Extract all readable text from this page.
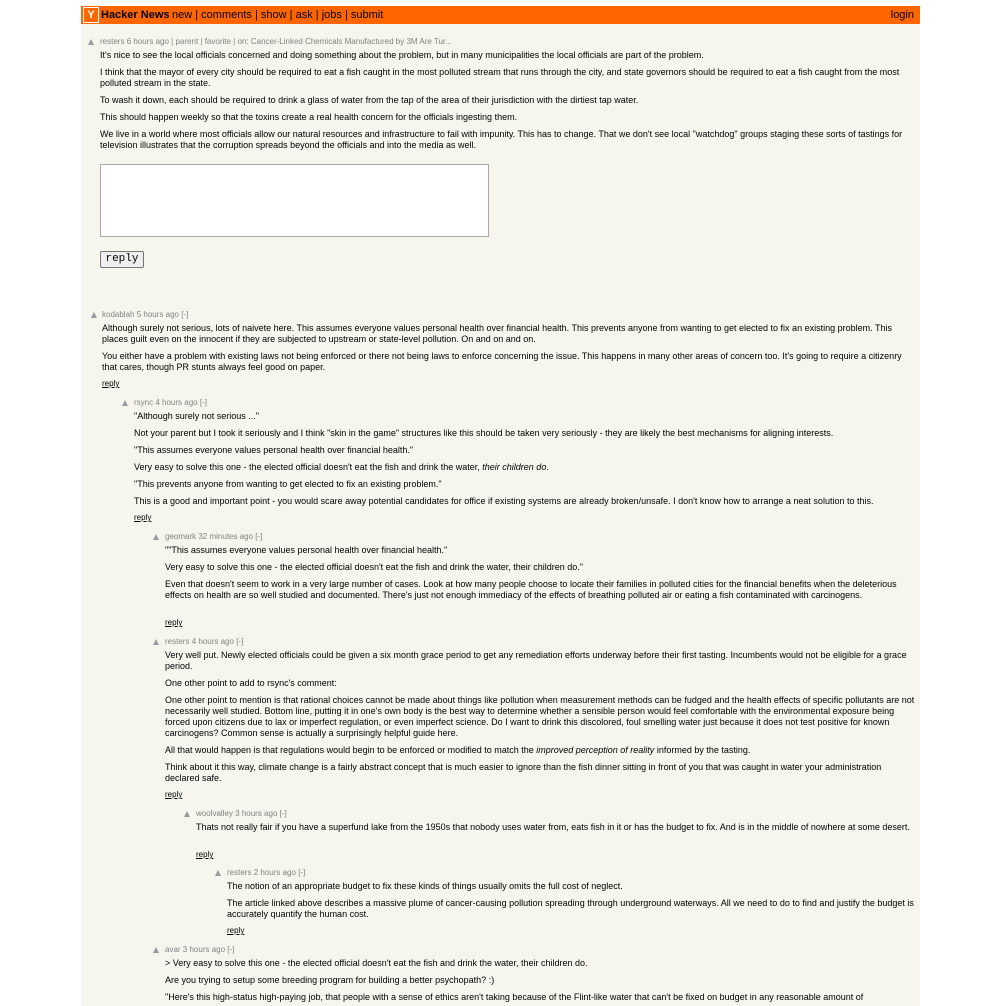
Y Hacker News new | comments | show | ask | jobs | submit	login
resters 6 hours ago | parent | favorite | on: Cancer-Linked Chemicals Manufactured by 3M Are Tur...

It's nice to see the local officials concerned and doing something about the problem, but in many municipalities the local officials are part of the problem.

I think that the mayor of every city should be required to eat a fish caught in the most polluted stream that runs through the city, and state governors should be required to eat a fish caught from the most polluted stream in the state.

To wash it down, each should be required to drink a glass of water from the tap of the area of their jurisdiction with the dirtiest tap water.

This should happen weekly so that the toxins create a real health concern for the officials ingesting them.

We live in a world where most officials allow our natural resources and infrastructure to fail with impunity. This has to change. That we don't see local "watchdog" groups staging these sorts of tastings for television illustrates that the corruption spreads beyond the officials and into the media as well.

reply
kodablah 5 hours ago [-]

Although surely not serious, lots of naivete here. This assumes everyone values personal health over financial health. This prevents anyone from wanting to get elected to fix an existing problem. This places guilt even on the innocent if they are subjected to upstream or state-level pollution. On and on and on.

You either have a problem with existing laws not being enforced or there not being laws to enforce concerning the issue. This happens in many other areas of concern too. It's going to require a citizenry that cares, though PR stunts always feel good on paper.

reply
rsync 4 hours ago [-]

"Although surely not serious ..."

Not your parent but I took it seriously and I think "skin in the game" structures like this should be taken very seriously - they are likely the best mechanisms for aligning interests.

"This assumes everyone values personal health over financial health."

Very easy to solve this one - the elected official doesn't eat the fish and drink the water, their children do.

"This prevents anyone from wanting to get elected to fix an existing problem."

This is a good and important point - you would scare away potential candidates for office if existing systems are already broken/unsafe. I don't know how to arrange a neat solution to this.

reply
geomark 32 minutes ago [-]

""This assumes everyone values personal health over financial health."

Very easy to solve this one - the elected official doesn't eat the fish and drink the water, their children do."

Even that doesn't seem to work in a very large number of cases. Look at how many people choose to locate their families in polluted cities for the financial benefits when the deleterious effects on health are so well studied and documented. There's just not enough immediacy of the effects of breathing polluted air or eating a fish contaminated with carcinogens.

reply
resters 4 hours ago [-]

Very well put. Newly elected officials could be given a six month grace period to get any remediation efforts underway before their first tasting. Incumbents would not be eligible for a grace period.

One other point to add to rsync's comment:

One other point to mention is that rational choices cannot be made about things like pollution when measurement methods can be fudged and the health effects of specific pollutants are not necessarily well studied. Bottom line, putting it in one's own body is the best way to determine whether a sensible person would feel comfortable with the environmental exposure being forced upon citizens due to lax or imperfect regulation, or even imperfect science. Do I want to drink this discolored, foul smelling water just because it does not test positive for known carcinogens? Common sense is actually a surprisingly helpful guide here.

All that would happen is that regulations would begin to be enforced or modified to match the improved perception of reality informed by the tasting.

Think about it this way, climate change is a fairly abstract concept that is much easier to ignore than the fish dinner sitting in front of you that was caught in water your administration declared safe.

reply
woolvalley 3 hours ago [-]

Thats not really fair if you have a superfund lake from the 1950s that nobody uses water from, eats fish in it or has the budget to fix. And is in the middle of nowhere at some desert.

reply
resters 2 hours ago [-]

The notion of an appropriate budget to fix these kinds of things usually omits the full cost of neglect.

The article linked above describes a massive plume of cancer-causing pollution spreading through underground waterways. All we need to do to find and justify the budget is accurately quantify the human cost.

reply
avar 3 hours ago [-]

> Very easy to solve this one - the elected official doesn't eat the fish and drink the water, their children do.

Are you trying to setup some breeding program for building a better psychopath? :)

"Here's this high-status high-paying job, that people with a sense of ethics aren't taking because of the Flint-like water that can't be fixed on budget in any reasonable amount of
